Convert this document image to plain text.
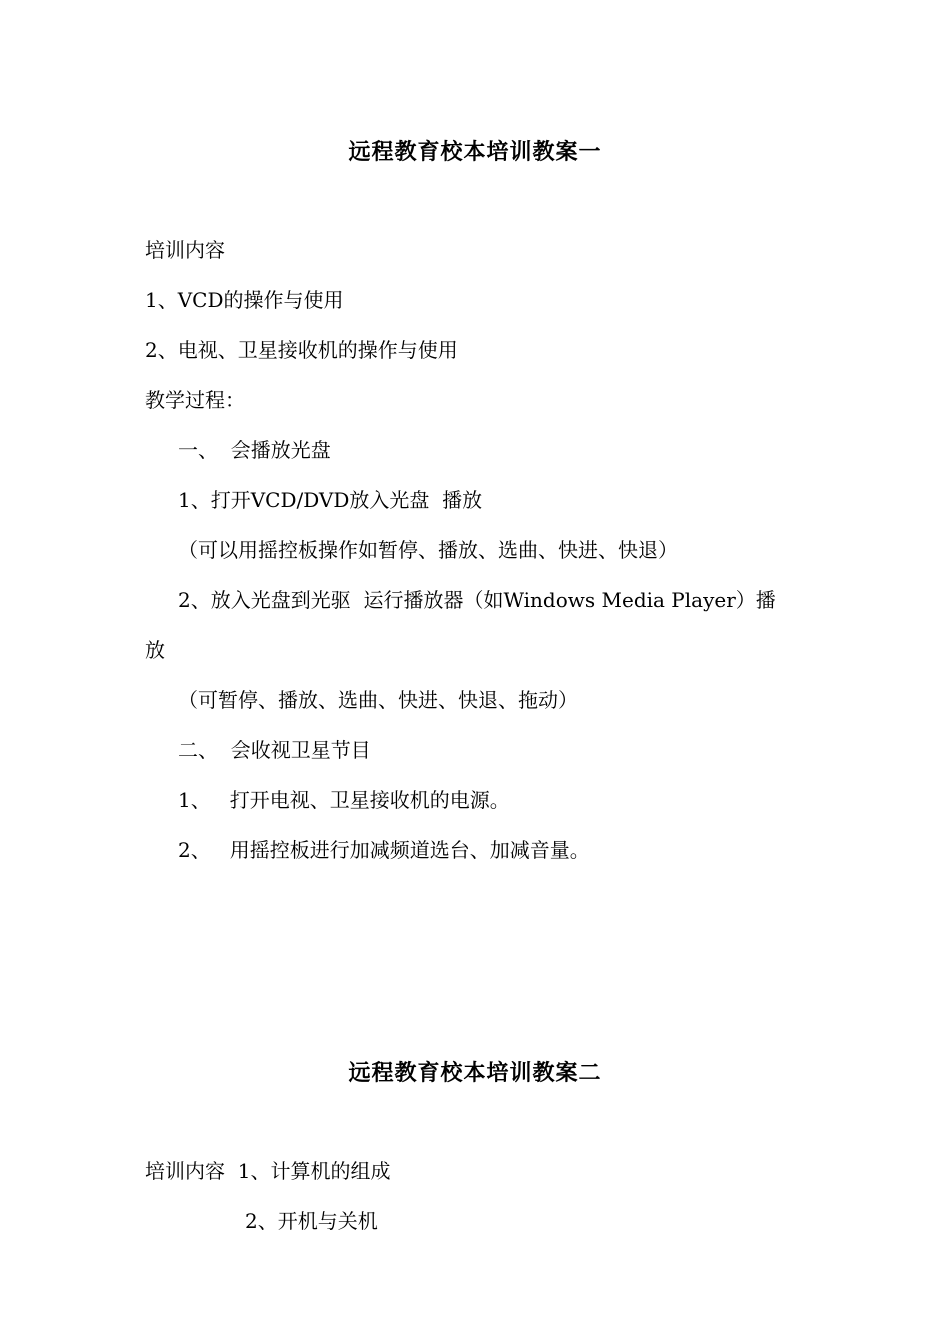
远程教育校本培训教案一
培训内容
1、VCD的操作与使用
2、电视、卫星接收机的操作与使用
教学过程：
一、  会播放光盘
1、打开VCD/DVD放入光盘  播放
（可以用摇控板操作如暂停、播放、选曲、快进、快退）
2、放入光盘到光驱  运行播放器（如Windows Media Player）播
放
（可暂停、播放、选曲、快进、快退、拖动）
二、  会收视卫星节目
1、   打开电视、卫星接收机的电源。
2、   用摇控板进行加减频道选台、加减音量。
远程教育校本培训教案二
培训内容  1、计算机的组成
2、开机与关机
